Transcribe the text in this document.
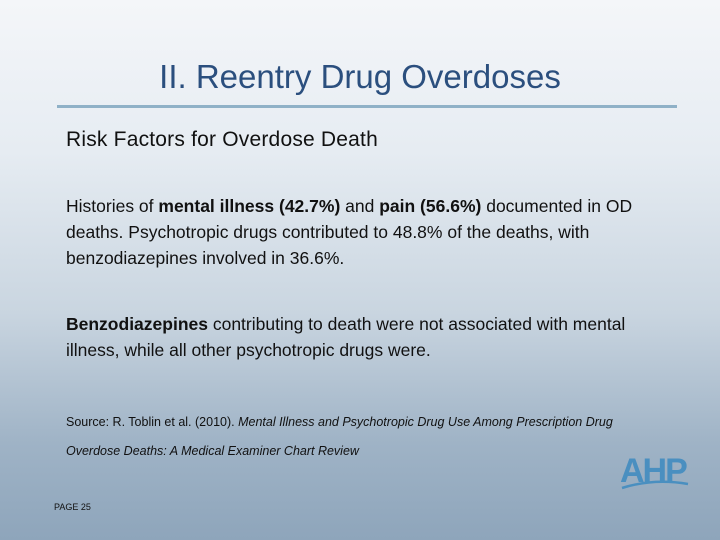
II. Reentry Drug Overdoses
Risk Factors for Overdose Death
Histories of mental illness (42.7%) and pain (56.6%) documented in OD deaths. Psychotropic drugs contributed to 48.8% of the deaths, with benzodiazepines involved in 36.6%.
Benzodiazepines contributing to death were not associated with mental illness, while all other psychotropic drugs were.
Source: R. Toblin et al. (2010). Mental Illness and Psychotropic Drug Use Among Prescription Drug Overdose Deaths: A Medical Examiner Chart Review
PAGE 25
AHP
